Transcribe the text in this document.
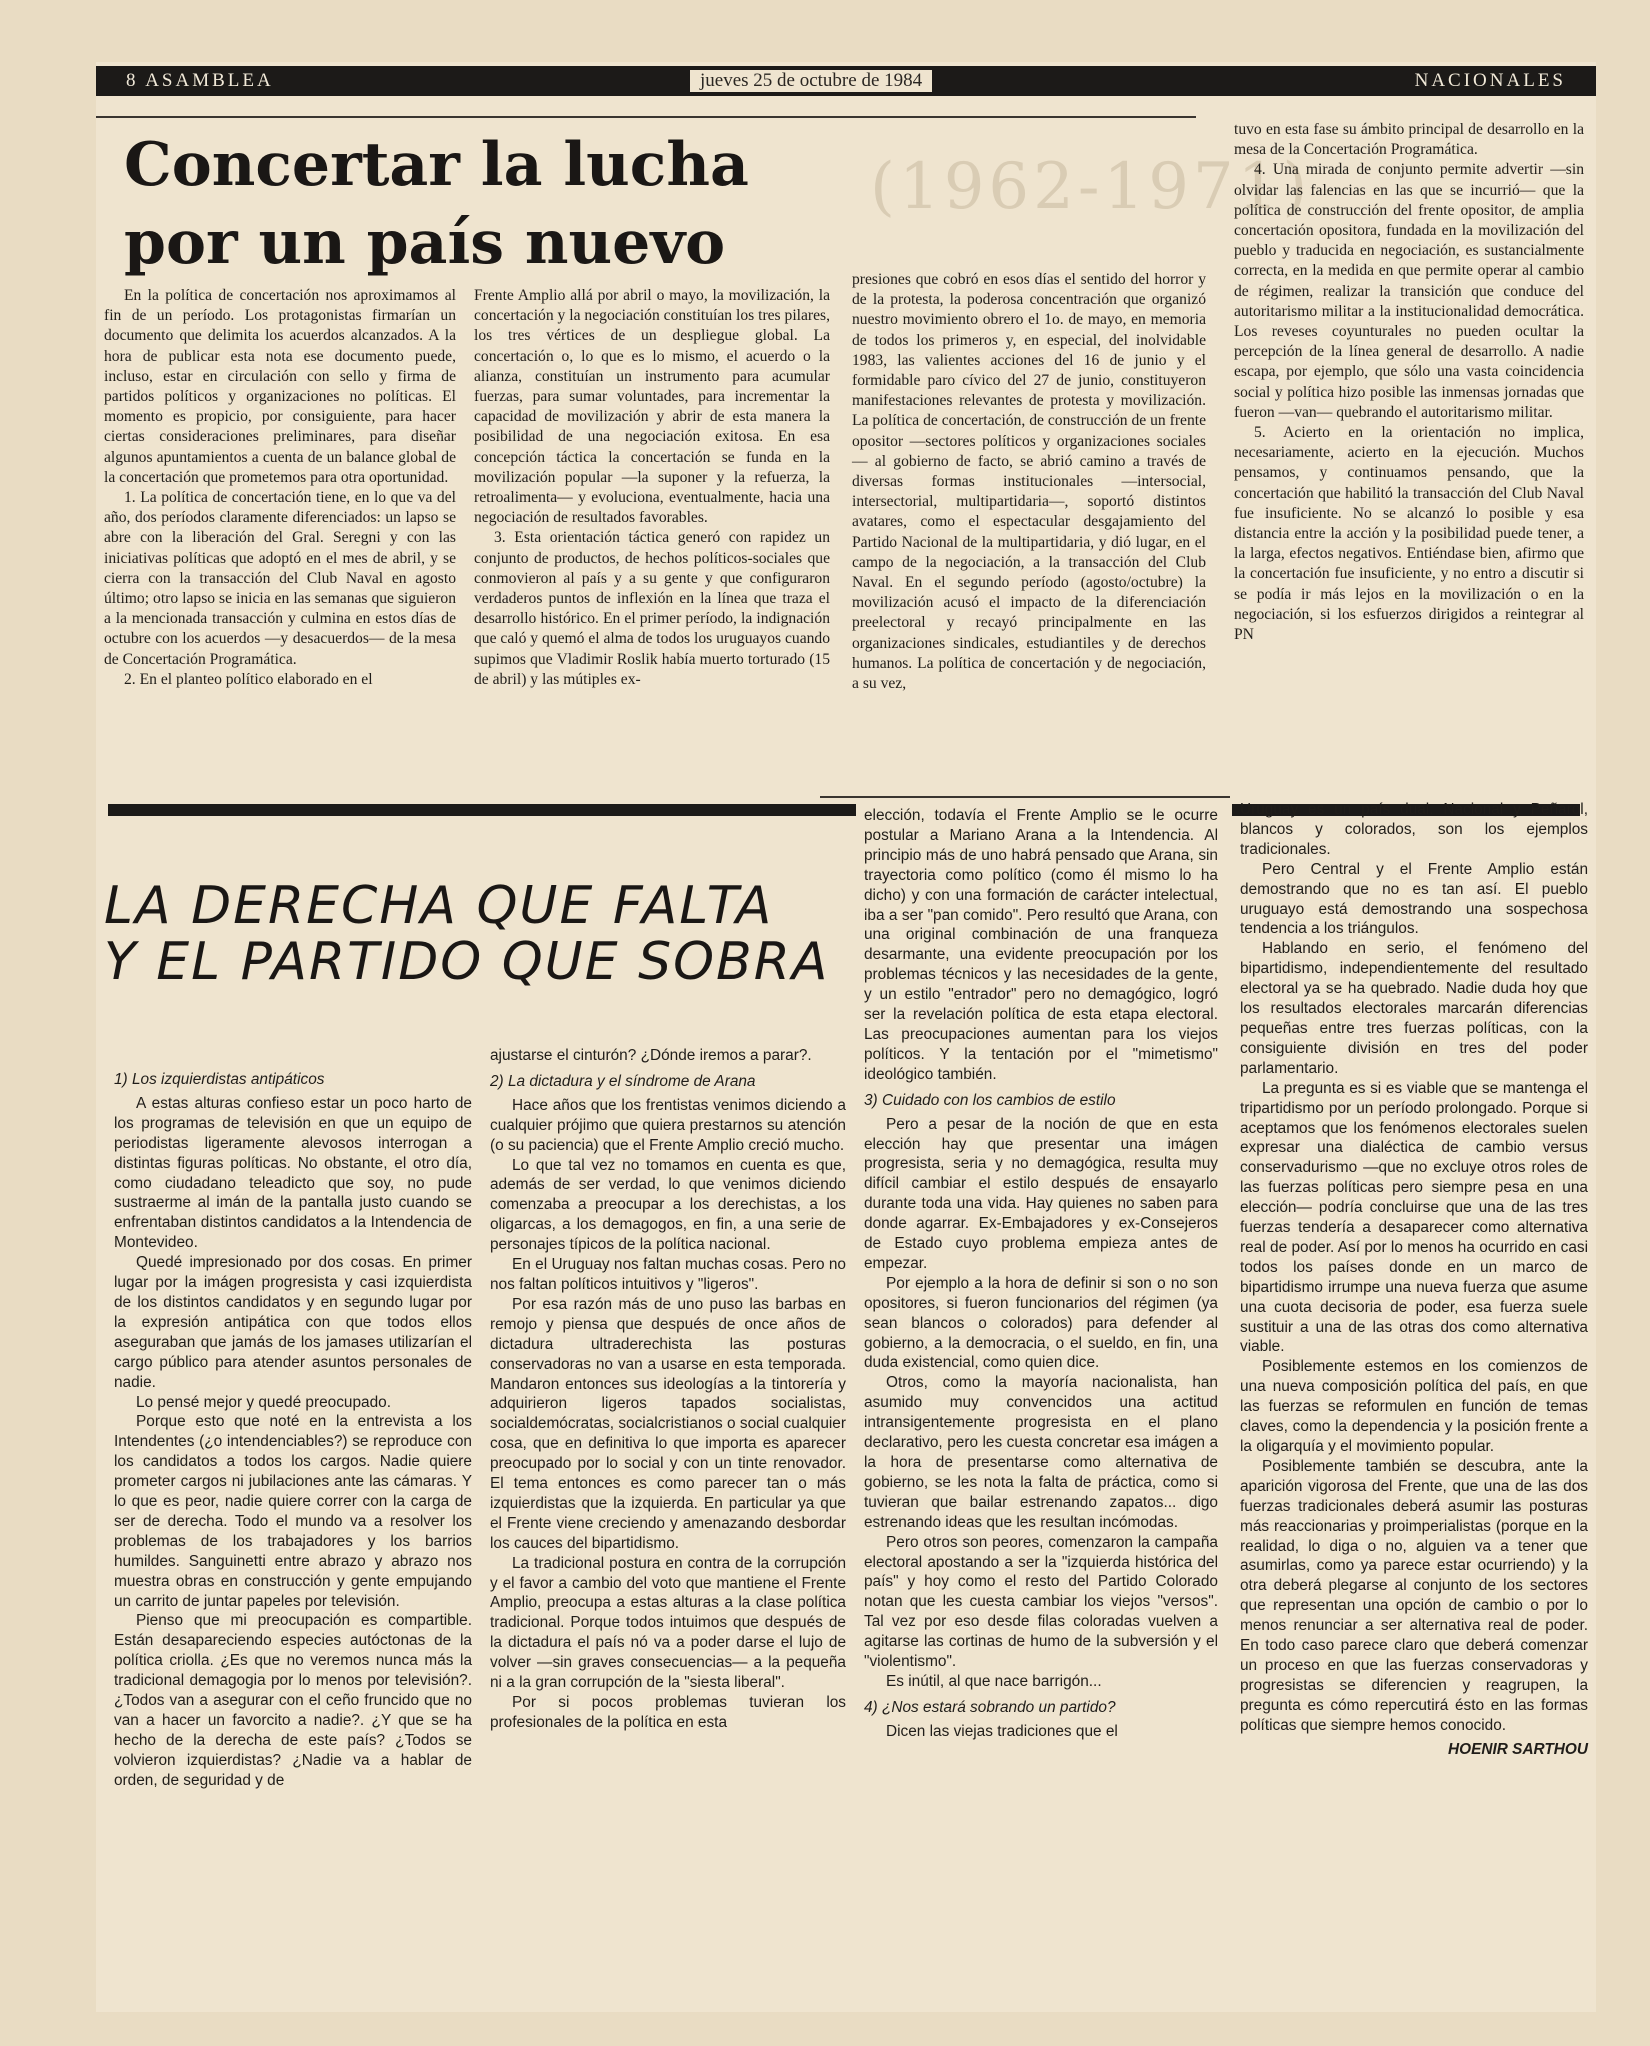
8 ASAMBLEA	NACIONALES
jueves 25 de octubre de 1984
(1962-1971)
Concertar la lucha por un país nuevo

En la política de concertación nos aproximamos al fin de un período. Los protagonistas firmarían un documento que delimita los acuerdos alcanzados. A la hora de publicar esta nota ese documento puede, incluso, estar en circulación con sello y firma de partidos políticos y organizaciones no políticas. El momento es propicio, por consiguiente, para hacer ciertas consideraciones preliminares, para diseñar algunos apuntamientos a cuenta de un balance global de la concertación que prometemos para otra oportunidad.

1. La política de concertación tiene, en lo que va del año, dos períodos claramente diferenciados: un lapso se abre con la liberación del Gral. Seregni y con las iniciativas políticas que adoptó en el mes de abril, y se cierra con la transacción del Club Naval en agosto último; otro lapso se inicia en las semanas que siguieron a la mencionada transacción y culmina en estos días de octubre con los acuerdos —y desacuerdos— de la mesa de Concertación Programática.

2. En el planteo político elaborado en el

Frente Amplio allá por abril o mayo, la movilización, la concertación y la negociación constituían los tres pilares, los tres vértices de un despliegue global. La concertación o, lo que es lo mismo, el acuerdo o la alianza, constituían un instrumento para acumular fuerzas, para sumar voluntades, para incrementar la capacidad de movilización y abrir de esta manera la posibilidad de una negociación exitosa. En esa concepción táctica la concertación se funda en la movilización popular —la suponer y la refuerza, la retroalimenta— y evoluciona, eventualmente, hacia una negociación de resultados favorables.

3. Esta orientación táctica generó con rapidez un conjunto de productos, de hechos políticos-sociales que conmovieron al país y a su gente y que configuraron verdaderos puntos de inflexión en la línea que traza el desarrollo histórico. En el primer período, la indignación que caló y quemó el alma de todos los uruguayos cuando supimos que Vladimir Roslik había muerto torturado (15 de abril) y las mútiples ex-

presiones que cobró en esos días el sentido del horror y de la protesta, la poderosa concentración que organizó nuestro movimiento obrero el 1o. de mayo, en memoria de todos los primeros y, en especial, del inolvidable 1983, las valientes acciones del 16 de junio y el formidable paro cívico del 27 de junio, constituyeron manifestaciones relevantes de protesta y movilización. La política de concertación, de construcción de un frente opositor —sectores políticos y organizaciones sociales— al gobierno de facto, se abrió camino a través de diversas formas institucionales —intersocial, intersectorial, multipartidaria—, soportó distintos avatares, como el espectacular desgajamiento del Partido Nacional de la multipartidaria, y dió lugar, en el campo de la negociación, a la transacción del Club Naval. En el segundo período (agosto/octubre) la movilización acusó el impacto de la diferenciación preelectoral y recayó principalmente en las organizaciones sindicales, estudiantiles y de derechos humanos. La política de concertación y de negociación, a su vez,

tuvo en esta fase su ámbito principal de desarrollo en la mesa de la Concertación Programática.

4. Una mirada de conjunto permite advertir —sin olvidar las falencias en las que se incurrió— que la política de construcción del frente opositor, de amplia concertación opositora, fundada en la movilización del pueblo y traducida en negociación, es sustancialmente correcta, en la medida en que permite operar al cambio de régimen, realizar la transición que conduce del autoritarismo militar a la institucionalidad democrática. Los reveses coyunturales no pueden ocultar la percepción de la línea general de desarrollo. A nadie escapa, por ejemplo, que sólo una vasta coincidencia social y política hizo posible las inmensas jornadas que fueron —van— quebrando el autoritarismo militar.

5. Acierto en la orientación no implica, necesariamente, acierto en la ejecución. Muchos pensamos, y continuamos pensando, que la concertación que habilitó la transacción del Club Naval fue insuficiente. No se alcanzó lo posible y esa distancia entre la acción y la posibilidad puede tener, a la larga, efectos negativos. Entiéndase bien, afirmo que la concertación fue insuficiente, y no entro a discutir si se podía ir más lejos en la movilización o en la negociación, si los esfuerzos dirigidos a reintegrar al PN

LA DERECHA QUE FALTA
Y EL PARTIDO QUE SOBRA
1) Los izquierdistas antipáticos

A estas alturas confieso estar un poco harto de los programas de televisión en que un equipo de periodistas ligeramente alevosos interrogan a distintas figuras políticas. No obstante, el otro día, como ciudadano teleadicto que soy, no pude sustraerme al imán de la pantalla justo cuando se enfrentaban distintos candidatos a la Intendencia de Montevideo.

Quedé impresionado por dos cosas. En primer lugar por la imágen progresista y casi izquierdista de los distintos candidatos y en segundo lugar por la expresión antipática con que todos ellos aseguraban que jamás de los jamases utilizarían el cargo público para atender asuntos personales de nadie.

Lo pensé mejor y quedé preocupado.

Porque esto que noté en la entrevista a los Intendentes (¿o intendenciables?) se reproduce con los candidatos a todos los cargos. Nadie quiere prometer cargos ni jubilaciones ante las cámaras. Y lo que es peor, nadie quiere correr con la carga de ser de derecha. Todo el mundo va a resolver los problemas de los trabajadores y los barrios humildes. Sanguinetti entre abrazo y abrazo nos muestra obras en construcción y gente empujando un carrito de juntar papeles por televisión.

Pienso que mi preocupación es compartible. Están desapareciendo especies autóctonas de la política criolla. ¿Es que no veremos nunca más la tradicional demagogia por lo menos por televisión?. ¿Todos van a asegurar con el ceño fruncido que no van a hacer un favorcito a nadie?. ¿Y que se ha hecho de la derecha de este país? ¿Todos se volvieron izquierdistas? ¿Nadie va a hablar de orden, de seguridad y de

ajustarse el cinturón? ¿Dónde iremos a parar?.

2) La dictadura y el síndrome de Arana

Hace años que los frentistas venimos diciendo a cualquier prójimo que quiera prestarnos su atención (o su paciencia) que el Frente Amplio creció mucho.

Lo que tal vez no tomamos en cuenta es que, además de ser verdad, lo que venimos diciendo comenzaba a preocupar a los derechistas, a los oligarcas, a los demagogos, en fin, a una serie de personajes típicos de la política nacional.

En el Uruguay nos faltan muchas cosas. Pero no nos faltan políticos intuitivos y "ligeros".

Por esa razón más de uno puso las barbas en remojo y piensa que después de once años de dictadura ultraderechista las posturas conservadoras no van a usarse en esta temporada. Mandaron entonces sus ideologías a la tintorería y adquirieron ligeros tapados socialistas, socialdemócratas, socialcristianos o social cualquier cosa, que en definitiva lo que importa es aparecer preocupado por lo social y con un tinte renovador. El tema entonces es como parecer tan o más izquierdistas que la izquierda. En particular ya que el Frente viene creciendo y amenazando desbordar los cauces del bipartidismo.

La tradicional postura en contra de la corrupción y el favor a cambio del voto que mantiene el Frente Amplio, preocupa a estas alturas a la clase política tradicional. Porque todos intuimos que después de la dictadura el país nó va a poder darse el lujo de volver —sin graves consecuencias— a la pequeña ni a la gran corrupción de la "siesta liberal".

Por si pocos problemas tuvieran los profesionales de la política en esta

elección, todavía el Frente Amplio se le ocurre postular a Mariano Arana a la Intendencia. Al principio más de uno habrá pensado que Arana, sin trayectoria como político (como él mismo lo ha dicho) y con una formación de carácter intelectual, iba a ser "pan comido". Pero resultó que Arana, con una original combinación de una franqueza desarmante, una evidente preocupación por los problemas técnicos y las necesidades de la gente, y un estilo "entrador" pero no demagógico, logró ser la revelación política de esta etapa electoral. Las preocupaciones aumentan para los viejos políticos. Y la tentación por el "mimetismo" ideológico también.

3) Cuidado con los cambios de estilo

Pero a pesar de la noción de que en esta elección hay que presentar una imágen progresista, seria y no demagógica, resulta muy difícil cambiar el estilo después de ensayarlo durante toda una vida. Hay quienes no saben para donde agarrar. Ex-Embajadores y ex-Consejeros de Estado cuyo problema empieza antes de empezar.

Por ejemplo a la hora de definir si son o no son opositores, si fueron funcionarios del régimen (ya sean blancos o colorados) para defender al gobierno, a la democracia, o el sueldo, en fin, una duda existencial, como quien dice.

Otros, como la mayoría nacionalista, han asumido muy convencidos una actitud intransigentemente progresista en el plano declarativo, pero les cuesta concretar esa imágen a la hora de presentarse como alternativa de gobierno, se les nota la falta de práctica, como si tuvieran que bailar estrenando zapatos... digo estrenando ideas que les resultan incómodas.

Pero otros son peores, comenzaron la campaña electoral apostando a ser la "izquierda histórica del país" y hoy como el resto del Partido Colorado notan que les cuesta cambiar los viejos "versos". Tal vez por eso desde filas coloradas vuelven a agitarse las cortinas de humo de la subversión y el "violentismo".

Es inútil, al que nace barrigón...

4) ¿Nos estará sobrando un partido?

Dicen las viejas tradiciones que el

Uruguay es un país dual. Nacional y Peñarol, blancos y colorados, son los ejemplos tradicionales.

Pero Central y el Frente Amplio están demostrando que no es tan así. El pueblo uruguayo está demostrando una sospechosa tendencia a los triángulos.

Hablando en serio, el fenómeno del bipartidismo, independientemente del resultado electoral ya se ha quebrado. Nadie duda hoy que los resultados electorales marcarán diferencias pequeñas entre tres fuerzas políticas, con la consiguiente división en tres del poder parlamentario.

La pregunta es si es viable que se mantenga el tripartidismo por un período prolongado. Porque si aceptamos que los fenómenos electorales suelen expresar una dialéctica de cambio versus conservadurismo —que no excluye otros roles de las fuerzas políticas pero siempre pesa en una elección— podría concluirse que una de las tres fuerzas tendería a desaparecer como alternativa real de poder. Así por lo menos ha ocurrido en casi todos los países donde en un marco de bipartidismo irrumpe una nueva fuerza que asume una cuota decisoria de poder, esa fuerza suele sustituir a una de las otras dos como alternativa viable.

Posiblemente estemos en los comienzos de una nueva composición política del país, en que las fuerzas se reformulen en función de temas claves, como la dependencia y la posición frente a la oligarquía y el movimiento popular.

Posiblemente también se descubra, ante la aparición vigorosa del Frente, que una de las dos fuerzas tradicionales deberá asumir las posturas más reaccionarias y proimperialistas (porque en la realidad, lo diga o no, alguien va a tener que asumirlas, como ya parece estar ocurriendo) y la otra deberá plegarse al conjunto de los sectores que representan una opción de cambio o por lo menos renunciar a ser alternativa real de poder. En todo caso parece claro que deberá comenzar un proceso en que las fuerzas conservadoras y progresistas se diferencien y reagrupen, la pregunta es cómo repercutirá ésto en las formas políticas que siempre hemos conocido.

HOENIR SARTHOU
